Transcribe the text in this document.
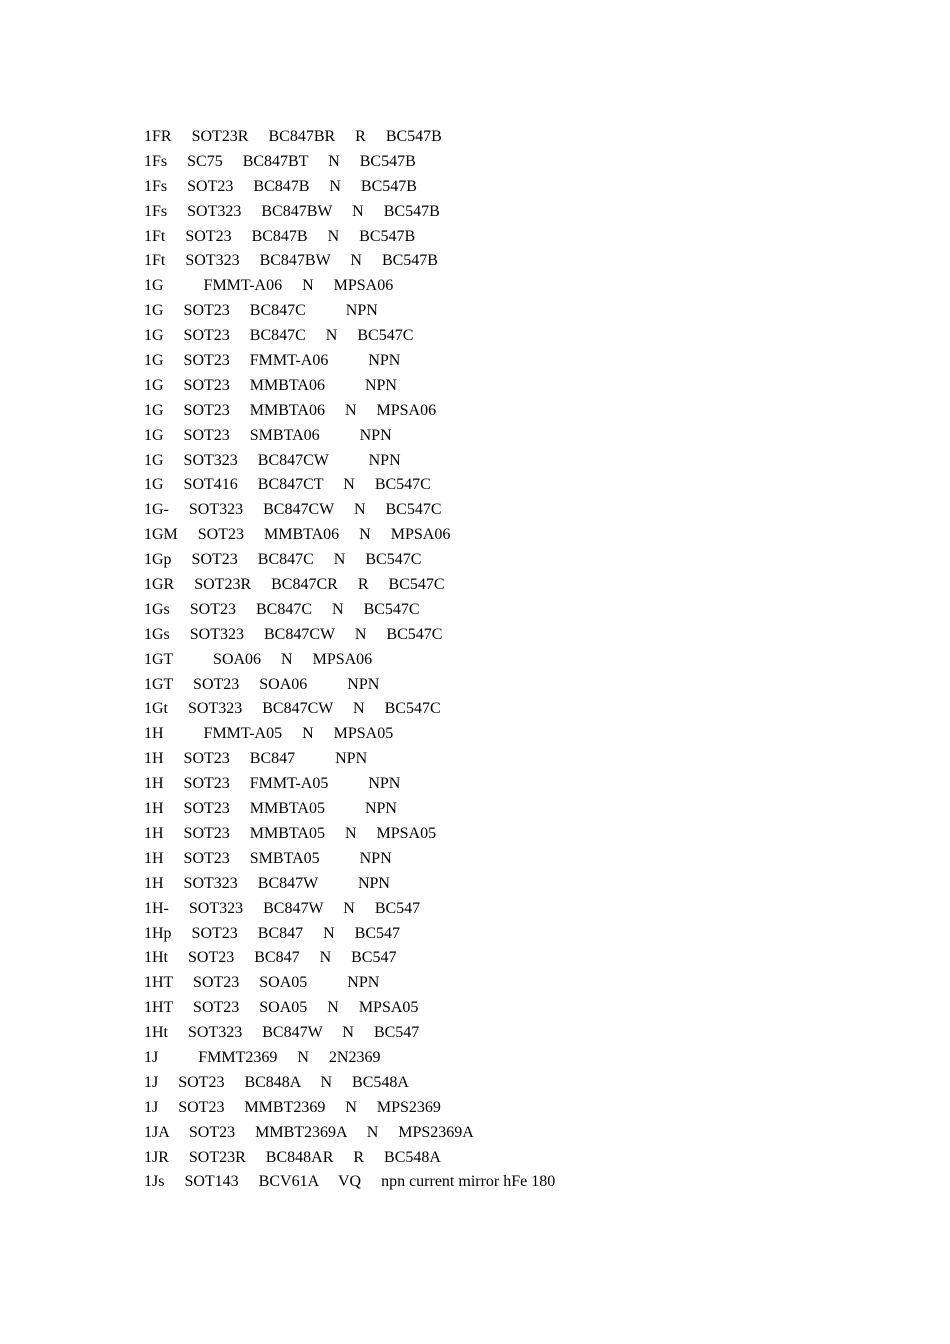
1FR     SOT23R     BC847BR     R     BC547B
1Fs     SC75     BC847BT     N     BC547B
1Fs     SOT23     BC847B     N     BC547B
1Fs     SOT323     BC847BW     N     BC547B
1Ft     SOT23     BC847B     N     BC547B
1Ft     SOT323     BC847BW     N     BC547B
1G          FMMT-A06     N     MPSA06
1G     SOT23     BC847C          NPN
1G     SOT23     BC847C     N     BC547C
1G     SOT23     FMMT-A06          NPN
1G     SOT23     MMBTA06          NPN
1G     SOT23     MMBTA06     N     MPSA06
1G     SOT23     SMBTA06          NPN
1G     SOT323     BC847CW          NPN
1G     SOT416     BC847CT     N     BC547C
1G-     SOT323     BC847CW     N     BC547C
1GM     SOT23     MMBTA06     N     MPSA06
1Gp     SOT23     BC847C     N     BC547C
1GR     SOT23R     BC847CR     R     BC547C
1Gs     SOT23     BC847C     N     BC547C
1Gs     SOT323     BC847CW     N     BC547C
1GT          SOA06     N     MPSA06
1GT     SOT23     SOA06          NPN
1Gt     SOT323     BC847CW     N     BC547C
1H          FMMT-A05     N     MPSA05
1H     SOT23     BC847          NPN
1H     SOT23     FMMT-A05          NPN
1H     SOT23     MMBTA05          NPN
1H     SOT23     MMBTA05     N     MPSA05
1H     SOT23     SMBTA05          NPN
1H     SOT323     BC847W          NPN
1H-     SOT323     BC847W     N     BC547
1Hp     SOT23     BC847     N     BC547
1Ht     SOT23     BC847     N     BC547
1HT     SOT23     SOA05          NPN
1HT     SOT23     SOA05     N     MPSA05
1Ht     SOT323     BC847W     N     BC547
1J          FMMT2369     N     2N2369
1J     SOT23     BC848A     N     BC548A
1J     SOT23     MMBT2369     N     MPS2369
1JA     SOT23     MMBT2369A     N     MPS2369A
1JR     SOT23R     BC848AR     R     BC548A
1Js     SOT143     BCV61A     VQ     npn current mirror hFe 180
